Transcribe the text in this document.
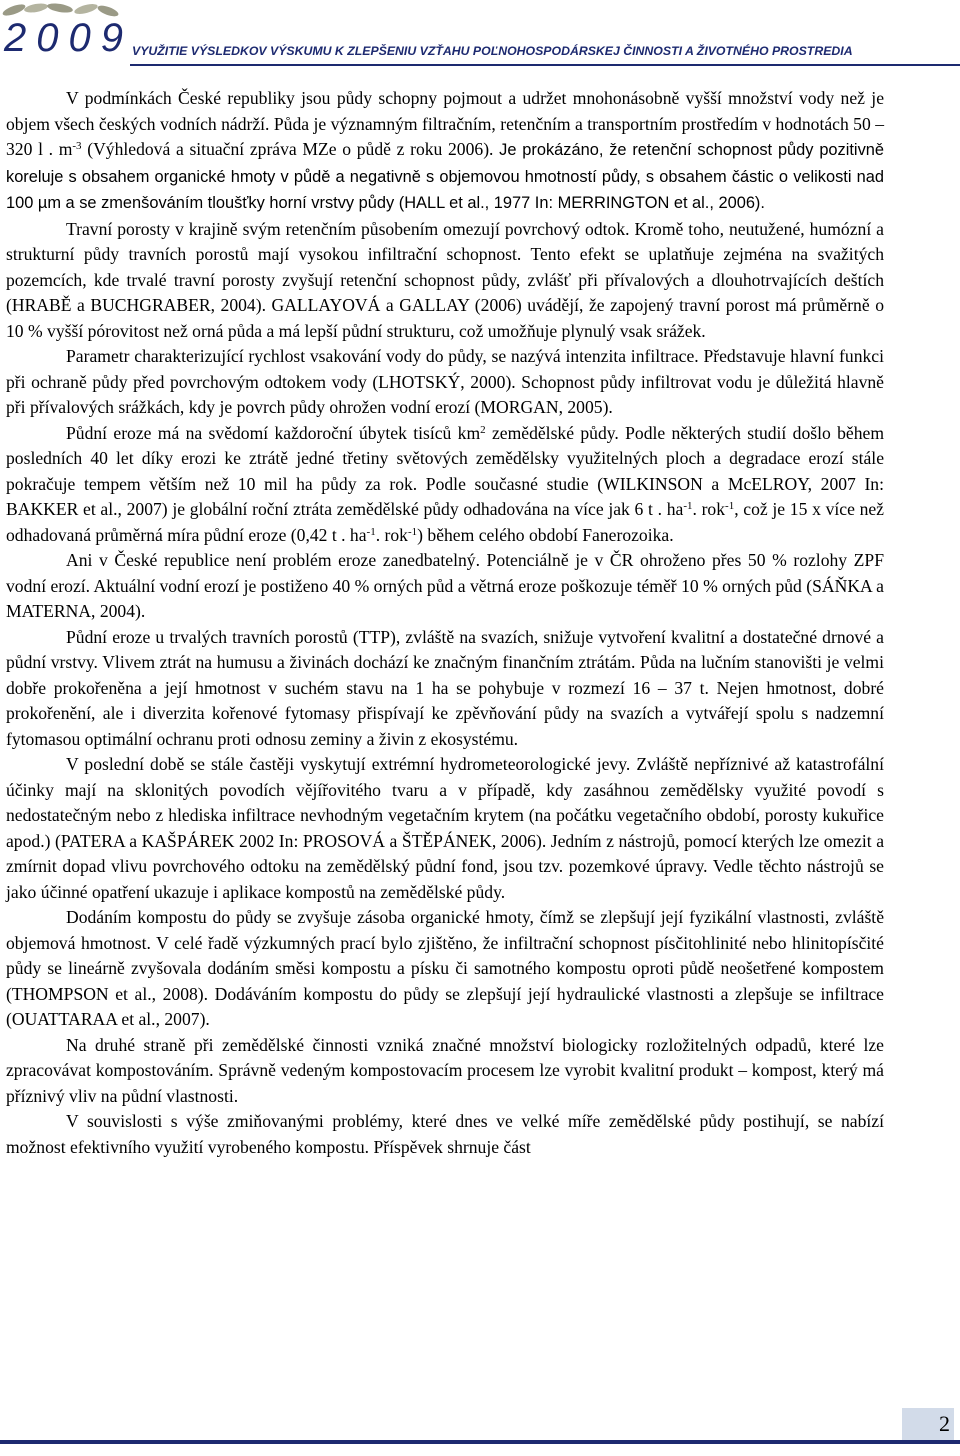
2009 VYUŽITIE VÝSLEDKOV VÝSKUMU K ZLEPŠENIU VZŤAHU POĽNOHOSPODÁRSKEJ ČINNOSTI A ŽIVOTNÉHO PROSTREDIA

V podmínkách České republiky jsou půdy schopny pojmout a udržet mnohonásobně vyšší množství vody než je objem všech českých vodních nádrží. Půda je významným filtračním, retenčním a transportním prostředím v hodnotách 50 – 320 l . $m^{-3}$ (Výhledová a situační zpráva MZe o půdě z roku 2006). Je prokázáno, že retenční schopnost půdy pozitivně koreluje s obsahem organické hmoty v půdě a negativně s objemovou hmotností půdy, s obsahem částic o velikosti nad 100 µm a se zmenšováním tloušťky horní vrstvy půdy (HALL et al., 1977 In: MERRINGTON et al., 2006).

Travní porosty v krajině svým retenčním působením omezují povrchový odtok. Kromě toho, neutužené, humózní a strukturní půdy travních porostů mají vysokou infiltrační schopnost. Tento efekt se uplatňuje zejména na svažitých pozemcích, kde trvalé travní porosty zvyšují retenční schopnost půdy, zvlášť při přívalových a dlouhotrvajících deštích (HRABĚ a BUCHGRABER, 2004). GALLAYOVÁ a GALLAY (2006) uvádějí, že zapojený travní porost má průměrně o 10 % vyšší pórovitost než orná půda a má lepší půdní strukturu, což umožňuje plynulý vsak srážek.

Parametr charakterizující rychlost vsakování vody do půdy, se nazývá intenzita infiltrace. Představuje hlavní funkci při ochraně půdy před povrchovým odtokem vody (LHOTSKÝ, 2000). Schopnost půdy infiltrovat vodu je důležitá hlavně při přívalových srážkách, kdy je povrch půdy ohrožen vodní erozí (MORGAN, 2005).

Půdní eroze má na svědomí každoroční úbytek tisíců $km^2$ zemědělské půdy. Podle některých studií došlo během posledních 40 let díky erozi ke ztrátě jedné třetiny světových zemědělsky využitelných ploch a degradace erozí stále pokračuje tempem větším než 10 mil ha půdy za rok. Podle současné studie (WILKINSON a McELROY, 2007 In: BAKKER et al., 2007) je globální roční ztráta zemědělské půdy odhadována na více jak 6 t . $ha^{-1}$. rok$^{-1}$, což je 15 x více než odhadovaná průměrná míra půdní eroze (0,42 t . $ha^{-1}$. rok$^{-1}$) během celého období Fanerozoika.

Ani v České republice není problém eroze zanedbatelný. Potenciálně je v ČR ohroženo přes 50 % rozlohy ZPF vodní erozí. Aktuální vodní erozí je postiženo 40 % orných půd a větrná eroze poškozuje téměř 10 % orných půd (SÁŇKA a MATERNA, 2004).

Půdní eroze u trvalých travních porostů (TTP), zvláště na svazích, snižuje vytvoření kvalitní a dostatečné drnové a půdní vrstvy. Vlivem ztrát na humusu a živinách dochází ke značným finančním ztrátám. Půda na lučním stanovišti je velmi dobře prokořeněna a její hmotnost v suchém stavu na 1 ha se pohybuje v rozmezí 16 – 37 t. Nejen hmotnost, dobré prokořenění, ale i diverzita kořenové fytomasy přispívají ke zpěvňování půdy na svazích a vytvářejí spolu s nadzemní fytomasou optimální ochranu proti odnosu zeminy a živin z ekosystému.

V poslední době se stále častěji vyskytují extrémní hydrometeorologické jevy. Zvláště nepříznivé až katastrofální účinky mají na sklonitých povodích vějířovitého tvaru a v případě, kdy zasáhnou zemědělsky využité povodí s nedostatečným nebo z hlediska infiltrace nevhodným vegetačním krytem (na počátku vegetačního období, porosty kukuřice apod.) (PATERA a KAŠPÁREK 2002 In: PROSOVÁ a ŠTĚPÁNEK, 2006). Jedním z nástrojů, pomocí kterých lze omezit a zmírnit dopad vlivu povrchového odtoku na zemědělský půdní fond, jsou tzv. pozemkové úpravy. Vedle těchto nástrojů se jako účinné opatření ukazuje i aplikace kompostů na zemědělské půdy.

Dodáním kompostu do půdy se zvyšuje zásoba organické hmoty, čímž se zlepšují její fyzikální vlastnosti, zvláště objemová hmotnost. V celé řadě výzkumných prací bylo zjištěno, že infiltrační schopnost písčitohlinité nebo hlinitopísčité půdy se lineárně zvyšovala dodáním směsi kompostu a písku či samotného kompostu oproti půdě neošetřené kompostem (THOMPSON et al., 2008). Dodáváním kompostu do půdy se zlepšují její hydraulické vlastnosti a zlepšuje se infiltrace (OUATTARAA et al., 2007).

Na druhé straně při zemědělské činnosti vzniká značné množství biologicky rozložitelných odpadů, které lze zpracovávat kompostováním. Správně vedeným kompostovacím procesem lze vyrobit kvalitní produkt – kompost, který má příznivý vliv na půdní vlastnosti.

V souvislosti s výše zmiňovanými problémy, které dnes ve velké míře zemědělské půdy postihují, se nabízí možnost efektivního využití vyrobeného kompostu. Příspěvek shrnuje část

2
